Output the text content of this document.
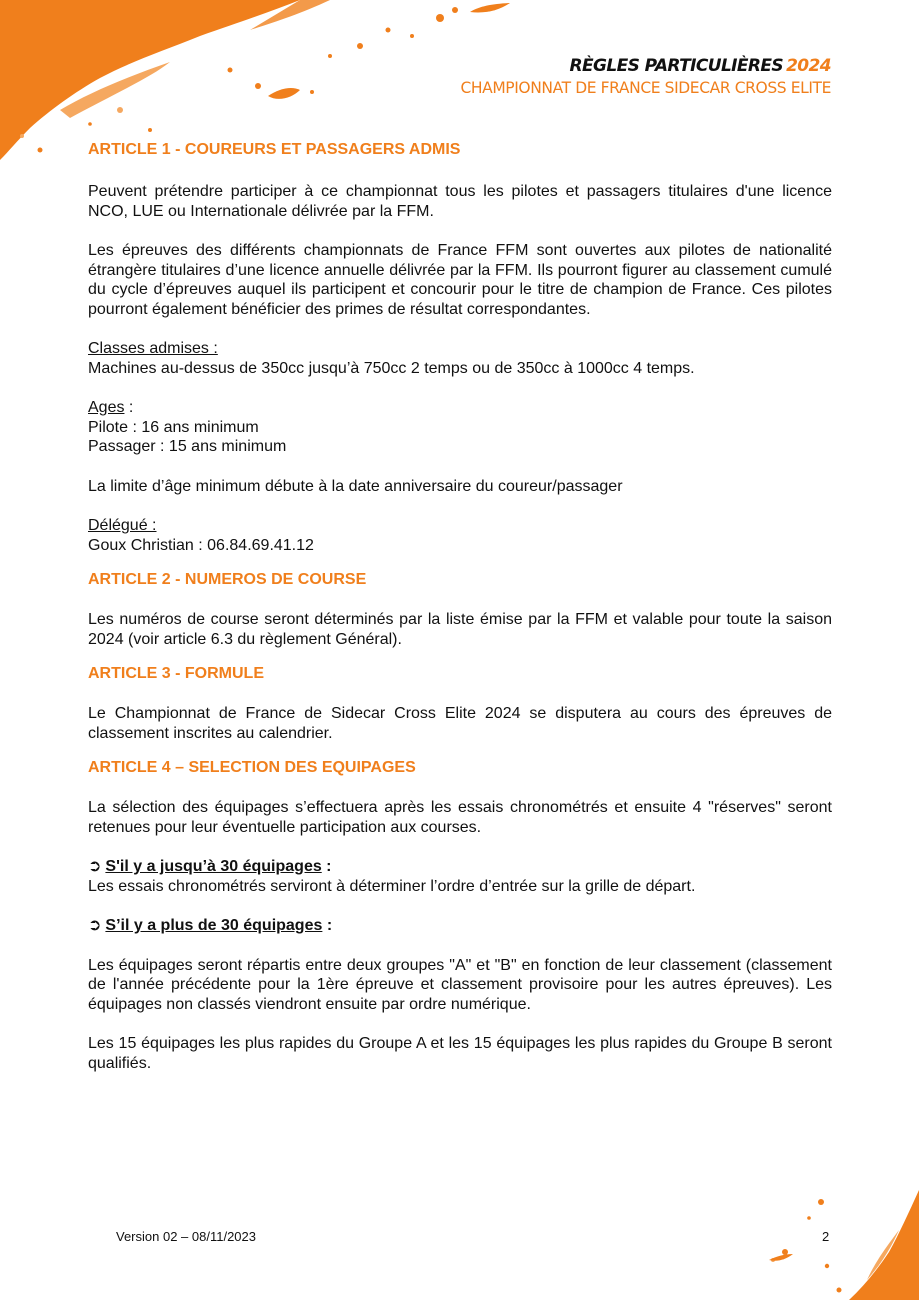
RÈGLES PARTICULIÈRES 2024
CHAMPIONNAT DE FRANCE SIDECAR CROSS ELITE
ARTICLE 1 - COUREURS ET PASSAGERS ADMIS

Peuvent prétendre participer à ce championnat tous les pilotes et passagers titulaires d'une licence NCO, LUE ou Internationale délivrée par la FFM.

Les épreuves des différents championnats de France FFM sont ouvertes aux pilotes de nationalité étrangère titulaires d’une licence annuelle délivrée par la FFM. Ils pourront figurer au classement cumulé du cycle d’épreuves auquel ils participent et concourir pour le titre de champion de France. Ces pilotes pourront également bénéficier des primes de résultat correspondantes.

Classes admises :

Machines au-dessus de 350cc jusqu’à 750cc 2 temps ou de 350cc à 1000cc 4 temps.

Ages :

Pilote : 16 ans minimum

Passager : 15 ans minimum

La limite d’âge minimum débute à la date anniversaire du coureur/passager

Délégué :

Goux Christian : 06.84.69.41.12

ARTICLE 2 - NUMEROS DE COURSE

Les numéros de course seront déterminés par la liste émise par la FFM et valable pour toute la saison 2024 (voir article 6.3 du règlement Général).

ARTICLE 3 - FORMULE

Le Championnat de France de Sidecar Cross Elite 2024 se disputera au cours des épreuves de classement inscrites au calendrier.

ARTICLE 4 – SELECTION DES EQUIPAGES

La sélection des équipages s’effectuera après les essais chronométrés et ensuite 4 "réserves" seront retenues pour leur éventuelle participation aux courses.

➲ S'il y a jusqu’à 30 équipages :

Les essais chronométrés serviront à déterminer l’ordre d’entrée sur la grille de départ.

➲ S’il y a plus de 30 équipages :

Les équipages seront répartis entre deux groupes "A" et "B" en fonction de leur classement (classement de l'année précédente pour la 1ère épreuve et classement provisoire pour les autres épreuves). Les équipages non classés viendront ensuite par ordre numérique.

Les 15 équipages les plus rapides du Groupe A et les 15 équipages les plus rapides du Groupe B seront qualifiés.

Version 02 – 08/11/2023	2
